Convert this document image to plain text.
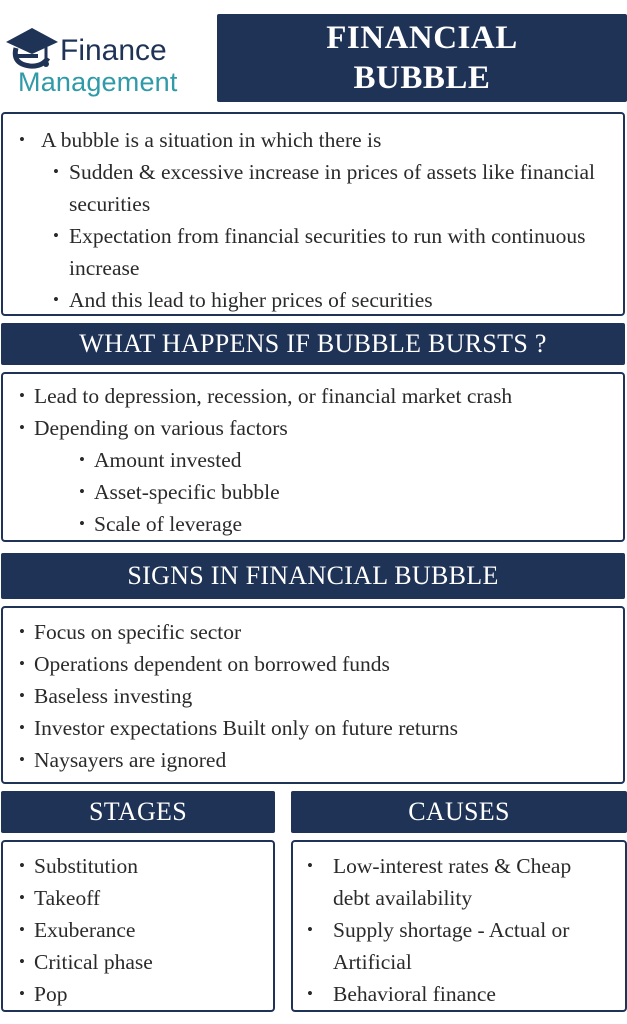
Finance
Management
FINANCIAL
BUBBLE
• A bubble is a situation in which there is
• Sudden & excessive increase in prices of assets like financial securities
• Expectation from financial securities to run with continuous increase
• And this lead to higher prices of securities
WHAT HAPPENS IF BUBBLE BURSTS ?
• Lead to depression, recession, or financial market crash
• Depending on various factors
• Amount invested
• Asset-specific bubble
• Scale of leverage
SIGNS IN FINANCIAL BUBBLE
• Focus on specific sector
• Operations dependent on borrowed funds
• Baseless investing
• Investor expectations Built only on future returns
• Naysayers are ignored
STAGES	CAUSES
• Substitution
• Takeoff
• Exuberance
• Critical phase
• Pop
• Low-interest rates & Cheap debt availability
• Supply shortage - Actual or Artificial
• Behavioral finance
